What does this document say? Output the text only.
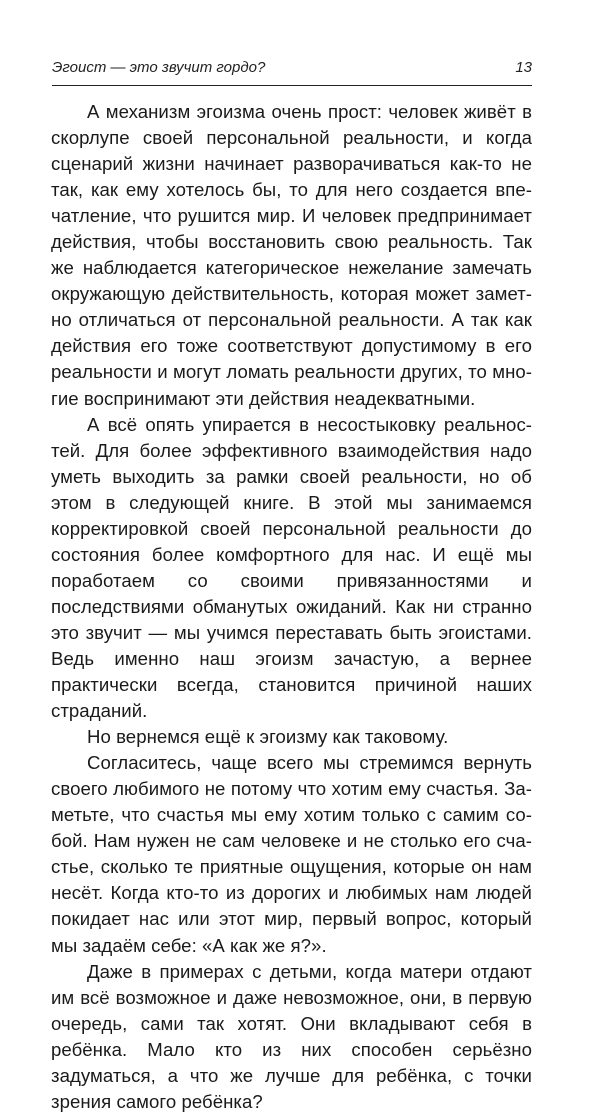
Эгоист — это звучит гордо?	13

А механизм эгоизма очень прост: человек живёт в скорлупе своей персональной реальности, и когда сценарий жизни начинает разворачиваться как-то не так, как ему хотелось бы, то для него создается впечатление, что рушится мир. И человек предпринимает действия, чтобы восстановить свою реальность. Так же наблюдается категорическое нежелание замечать окружающую действительность, которая может заметно отличаться от персональной реальности. А так как действия его тоже соответствуют допустимому в его реальности и могут ломать реальности других, то многие воспринимают эти действия неадекватными.

А всё опять упирается в несостыковку реальностей. Для более эффективного взаимодействия надо уметь выходить за рамки своей реальности, но об этом в следующей книге. В этой мы занимаемся корректировкой своей персональной реальности до состояния более комфортного для нас. И ещё мы поработаем со своими привязанностями и последствиями обманутых ожиданий. Как ни странно это звучит — мы учимся переставать быть эгоистами. Ведь именно наш эгоизм зачастую, а вернее практически всегда, становится причиной наших страданий.

Но вернемся ещё к эгоизму как таковому.

Согласитесь, чаще всего мы стремимся вернуть своего любимого не потому что хотим ему счастья. Заметьте, что счастья мы ему хотим только с самим собой. Нам нужен не сам человеке и не столько его счастье, сколько те приятные ощущения, которые он нам несёт. Когда кто-то из дорогих и любимых нам людей покидает нас или этот мир, первый вопрос, который мы задаём себе: «А как же я?».

Даже в примерах с детьми, когда матери отдают им всё возможное и даже невозможное, они, в первую очередь, сами так хотят. Они вкладывают себя в ребёнка. Мало кто из них способен серьёзно задуматься, а что же лучше для ребёнка, с точки зрения самого ребёнка?
